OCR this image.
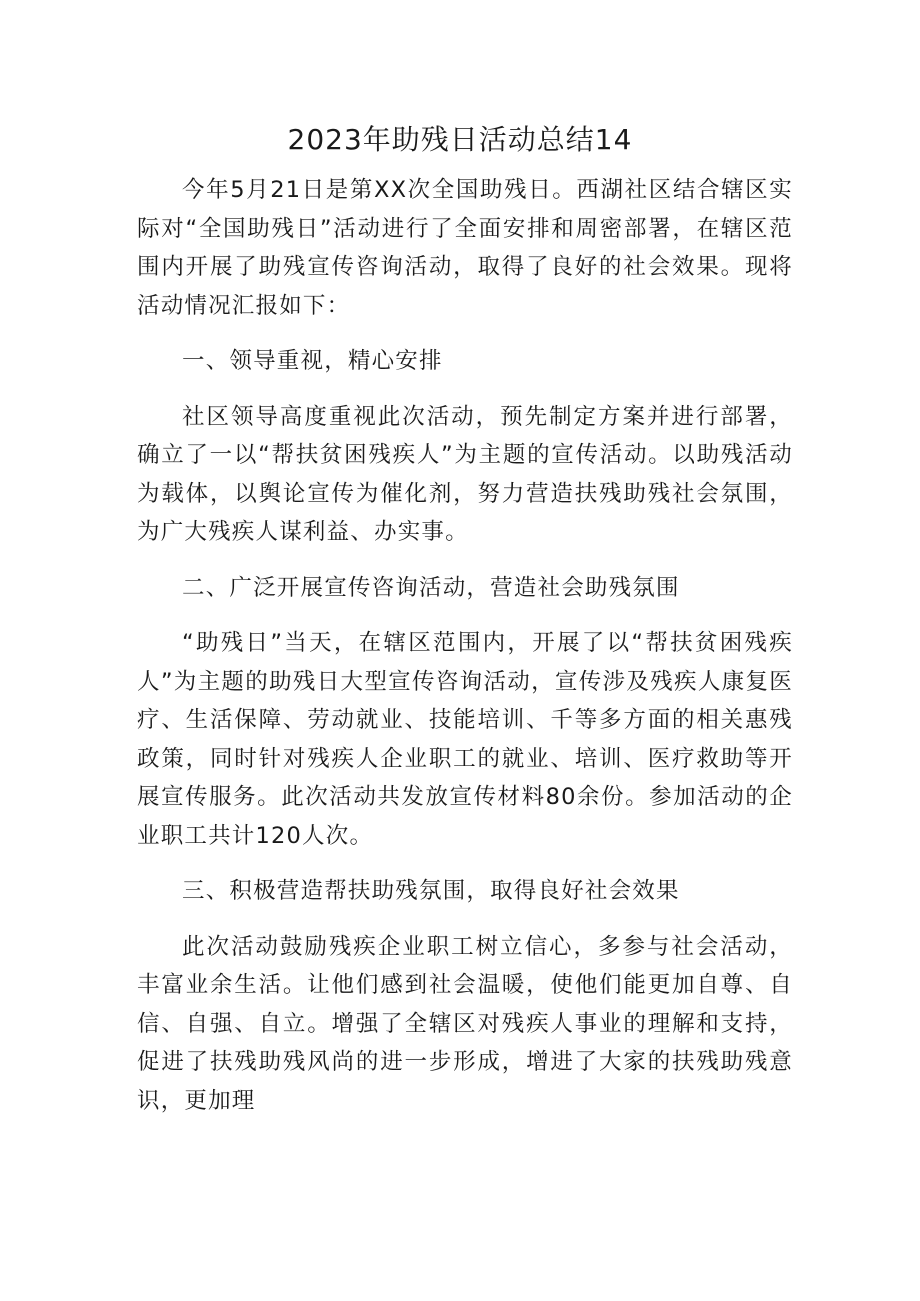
2023年助残日活动总结14

今年5月21日是第XX次全国助残日。西湖社区结合辖区实际对“全国助残日”活动进行了全面安排和周密部署，在辖区范围内开展了助残宣传咨询活动，取得了良好的社会效果。现将活动情况汇报如下：

一、领导重视，精心安排

社区领导高度重视此次活动，预先制定方案并进行部署，确立了一以“帮扶贫困残疾人”为主题的宣传活动。以助残活动为载体，以舆论宣传为催化剂，努力营造扶残助残社会氛围，为广大残疾人谋利益、办实事。

二、广泛开展宣传咨询活动，营造社会助残氛围

“助残日”当天，在辖区范围内，开展了以“帮扶贫困残疾人”为主题的助残日大型宣传咨询活动，宣传涉及残疾人康复医疗、生活保障、劳动就业、技能培训、千等多方面的相关惠残政策，同时针对残疾人企业职工的就业、培训、医疗救助等开展宣传服务。此次活动共发放宣传材料80余份。参加活动的企业职工共计120人次。

三、积极营造帮扶助残氛围，取得良好社会效果

此次活动鼓励残疾企业职工树立信心，多参与社会活动，丰富业余生活。让他们感到社会温暖，使他们能更加自尊、自信、自强、自立。增强了全辖区对残疾人事业的理解和支持，促进了扶残助残风尚的进一步形成，增进了大家的扶残助残意识，更加理
